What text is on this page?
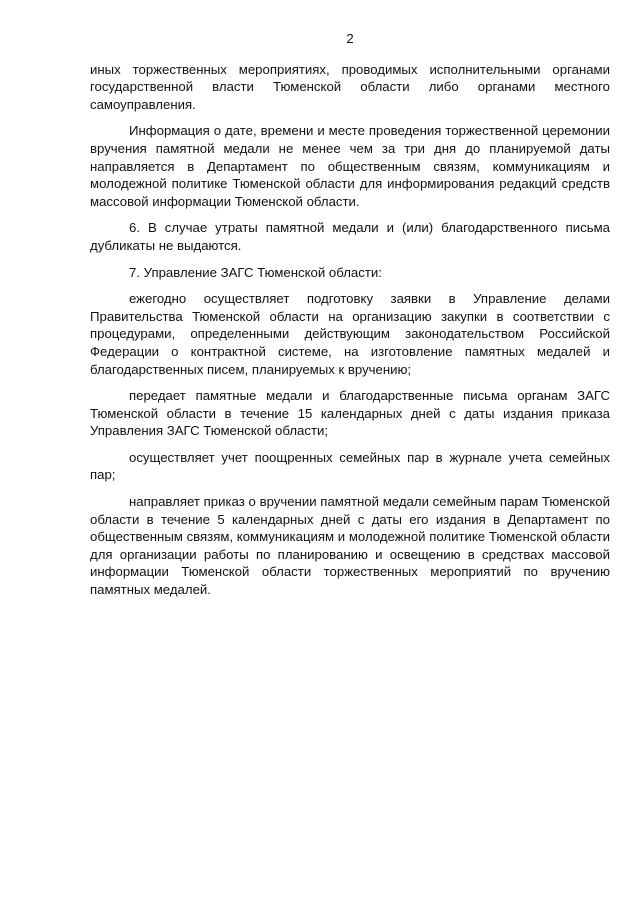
2

иных торжественных мероприятиях, проводимых исполнительными органами государственной власти Тюменской области либо органами местного самоуправления.

Информация о дате, времени и месте проведения торжественной церемонии вручения памятной медали не менее чем за три дня до планируемой даты направляется в Департамент по общественным связям, коммуникациям и молодежной политике Тюменской области для информирования редакций средств массовой информации Тюменской области.

6. В случае утраты памятной медали и (или) благодарственного письма дубликаты не выдаются.

7. Управление ЗАГС Тюменской области:

ежегодно осуществляет подготовку заявки в Управление делами Правительства Тюменской области на организацию закупки в соответствии с процедурами, определенными действующим законодательством Российской Федерации о контрактной системе, на изготовление памятных медалей и благодарственных писем, планируемых к вручению;

передает памятные медали и благодарственные письма органам ЗАГС Тюменской области в течение 15 календарных дней с даты издания приказа Управления ЗАГС Тюменской области;

осуществляет учет поощренных семейных пар в журнале учета семейных пар;

направляет приказ о вручении памятной медали семейным парам Тюменской области в течение 5 календарных дней с даты его издания в Департамент по общественным связям, коммуникациям и молодежной политике Тюменской области для организации работы по планированию и освещению в средствах массовой информации Тюменской области торжественных мероприятий по вручению памятных медалей.
